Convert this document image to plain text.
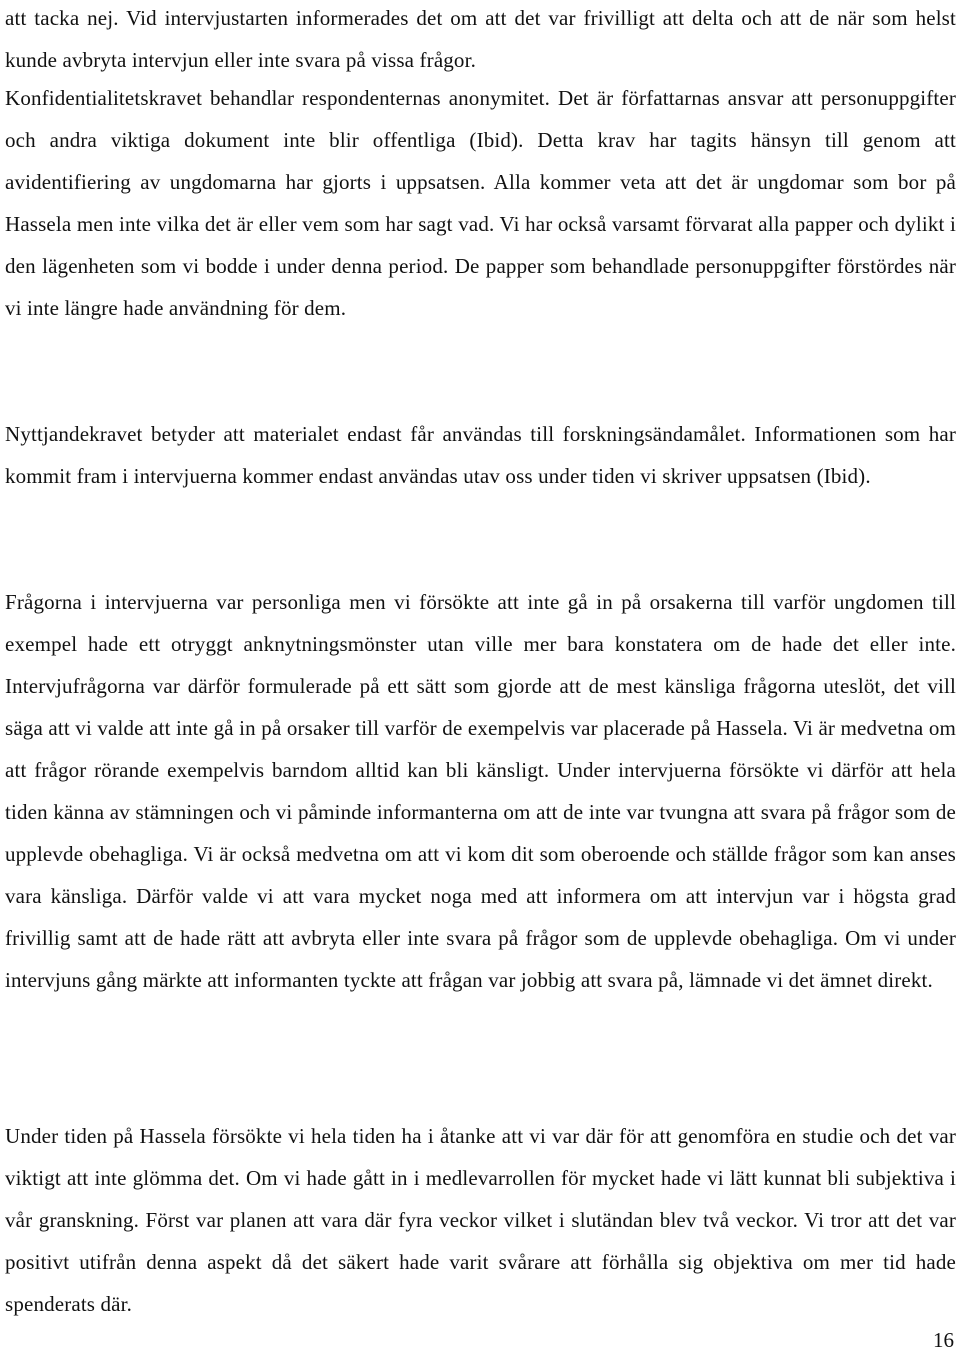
att tacka nej. Vid intervjustarten informerades det om att det var frivilligt att delta och att de när som helst kunde avbryta intervjun eller inte svara på vissa frågor.

Konfidentialitetskravet behandlar respondenternas anonymitet. Det är författarnas ansvar att personuppgifter och andra viktiga dokument inte blir offentliga (Ibid). Detta krav har tagits hänsyn till genom att avidentifiering av ungdomarna har gjorts i uppsatsen. Alla kommer veta att det är ungdomar som bor på Hassela men inte vilka det är eller vem som har sagt vad. Vi har också varsamt förvarat alla papper och dylikt i den lägenheten som vi bodde i under denna period. De papper som behandlade personuppgifter förstördes när vi inte längre hade användning för dem.

Nyttjandekravet betyder att materialet endast får användas till forskningsändamålet. Informationen som har kommit fram i intervjuerna kommer endast användas utav oss under tiden vi skriver uppsatsen (Ibid).

Frågorna i intervjuerna var personliga men vi försökte att inte gå in på orsakerna till varför ungdomen till exempel hade ett otryggt anknytningsmönster utan ville mer bara konstatera om de hade det eller inte. Intervjufrågorna var därför formulerade på ett sätt som gjorde att de mest känsliga frågorna uteslöt, det vill säga att vi valde att inte gå in på orsaker till varför de exempelvis var placerade på Hassela. Vi är medvetna om att frågor rörande exempelvis barndom alltid kan bli känsligt. Under intervjuerna försökte vi därför att hela tiden känna av stämningen och vi påminde informanterna om att de inte var tvungna att svara på frågor som de upplevde obehagliga. Vi är också medvetna om att vi kom dit som oberoende och ställde frågor som kan anses vara känsliga. Därför valde vi att vara mycket noga med att informera om att intervjun var i högsta grad frivillig samt att de hade rätt att avbryta eller inte svara på frågor som de upplevde obehagliga. Om vi under intervjuns gång märkte att informanten tyckte att frågan var jobbig att svara på, lämnade vi det ämnet direkt.

Under tiden på Hassela försökte vi hela tiden ha i åtanke att vi var där för att genomföra en studie och det var viktigt att inte glömma det. Om vi hade gått in i medlevarrollen för mycket hade vi lätt kunnat bli subjektiva i vår granskning. Först var planen att vara där fyra veckor vilket i slutändan blev två veckor. Vi tror att det var positivt utifrån denna aspekt då det säkert hade varit svårare att förhålla sig objektiva om mer tid hade spenderats där.

16
